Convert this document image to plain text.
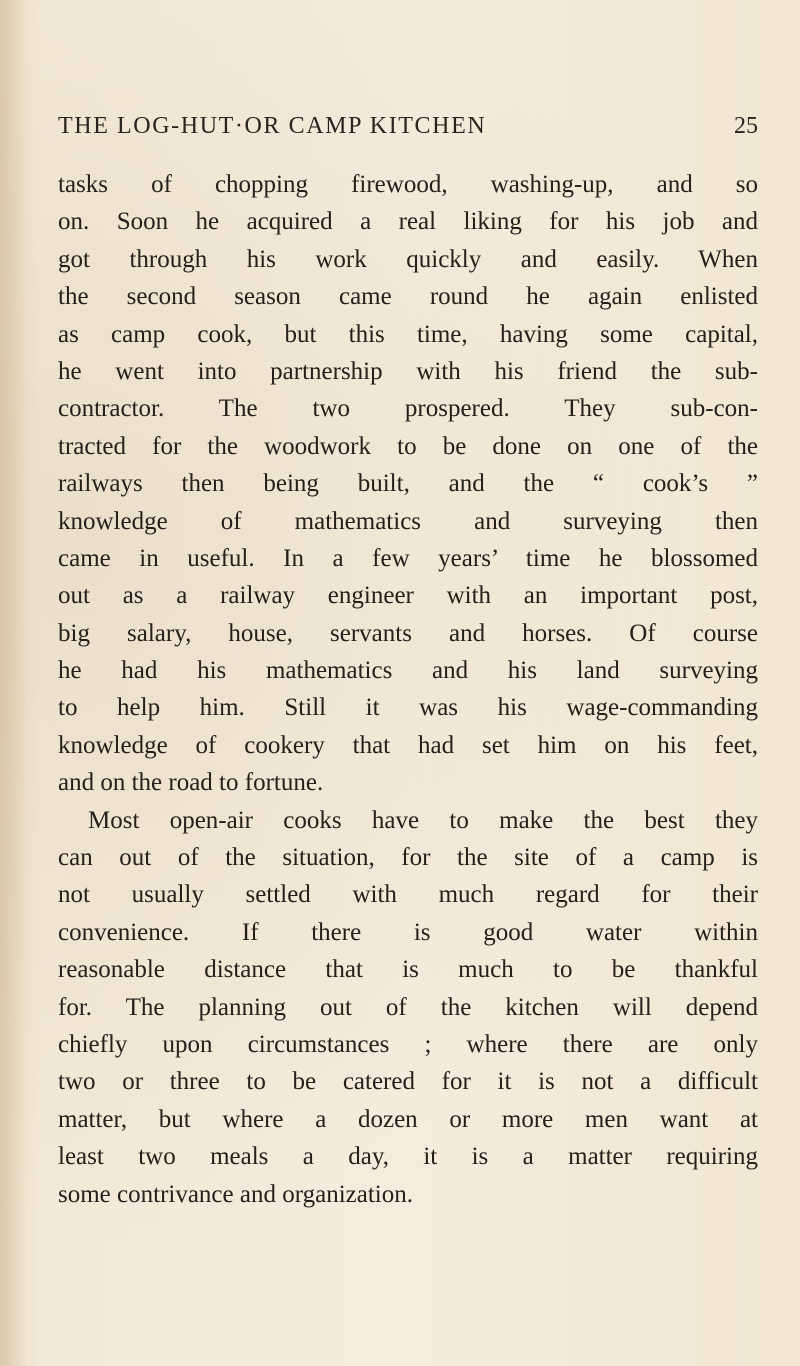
THE LOG-HUT·OR CAMP KITCHEN	25
tasks of chopping firewood, washing-up, and so
on. Soon he acquired a real liking for his job and
got through his work quickly and easily. When
the second season came round he again enlisted
as camp cook, but this time, having some capital,
he went into partnership with his friend the sub-
contractor. The two prospered. They sub-con-
tracted for the woodwork to be done on one of the
railways then being built, and the “ cook’s ”
knowledge of mathematics and surveying then
came in useful. In a few years’ time he blossomed
out as a railway engineer with an important post,
big salary, house, servants and horses. Of course
he had his mathematics and his land surveying
to help him. Still it was his wage-commanding
knowledge of cookery that had set him on his feet,
and on the road to fortune.
Most open-air cooks have to make the best they
can out of the situation, for the site of a camp is
not usually settled with much regard for their
convenience. If there is good water within
reasonable distance that is much to be thankful
for. The planning out of the kitchen will depend
chiefly upon circumstances ; where there are only
two or three to be catered for it is not a difficult
matter, but where a dozen or more men want at
least two meals a day, it is a matter requiring
some contrivance and organization.
